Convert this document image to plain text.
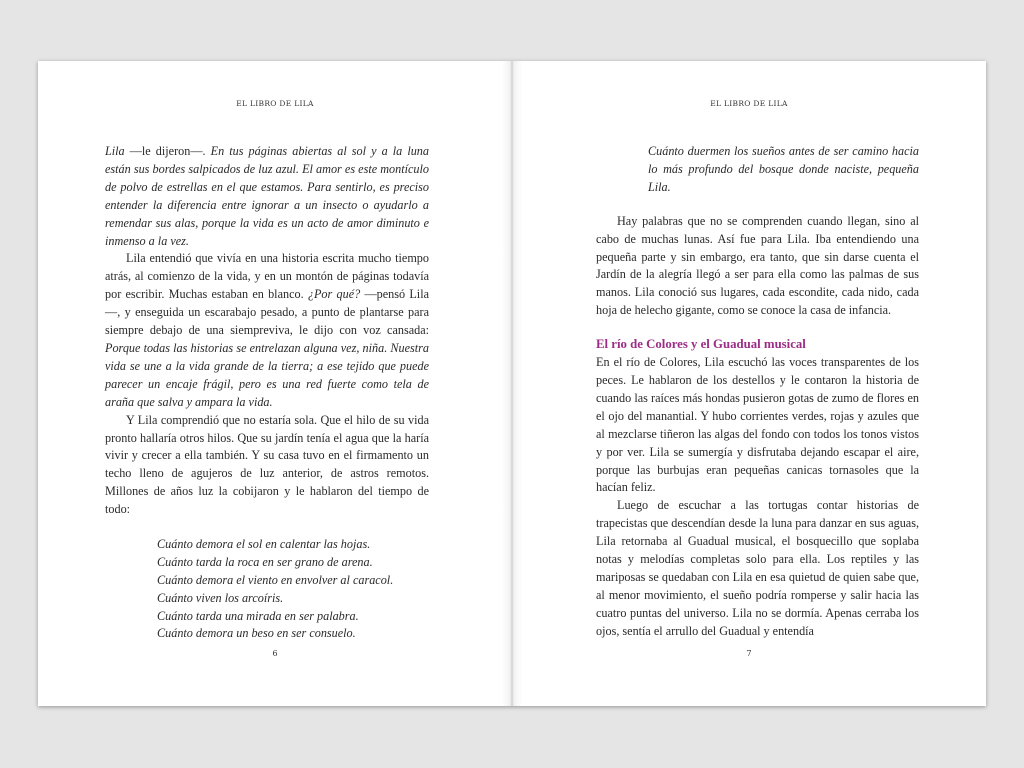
EL LIBRO DE LILA

Lila —le dijeron—. En tus páginas abiertas al sol y a la luna están sus bordes salpicados de luz azul. El amor es este montículo de polvo de estrellas en el que estamos. Para sentirlo, es preciso entender la diferencia entre ignorar a un insecto o ayudarlo a remendar sus alas, porque la vida es un acto de amor diminuto e inmenso a la vez.

Lila entendió que vivía en una historia escrita mucho tiempo atrás, al comienzo de la vida, y en un montón de páginas todavía por escribir. Muchas estaban en blanco. ¿Por qué? —pensó Lila—, y enseguida un escarabajo pesado, a punto de plantarse para siempre debajo de una siempreviva, le dijo con voz cansada: Porque todas las historias se entrelazan alguna vez, niña. Nuestra vida se une a la vida grande de la tierra; a ese tejido que puede parecer un encaje frágil, pero es una red fuerte como tela de araña que salva y ampara la vida.

Y Lila comprendió que no estaría sola. Que el hilo de su vida pronto hallaría otros hilos. Que su jardín tenía el agua que la haría vivir y crecer a ella también. Y su casa tuvo en el firmamento un techo lleno de agujeros de luz anterior, de astros remotos. Millones de años luz la cobijaron y le hablaron del tiempo de todo:

Cuánto demora el sol en calentar las hojas.
Cuánto tarda la roca en ser grano de arena.
Cuánto demora el viento en envolver al caracol.
Cuánto viven los arcoíris.
Cuánto tarda una mirada en ser palabra.
Cuánto demora un beso en ser consuelo.
6
EL LIBRO DE LILA
Cuánto duermen los sueños antes de ser camino hacia lo más profundo del bosque donde naciste, pequeña Lila.

Hay palabras que no se comprenden cuando llegan, sino al cabo de muchas lunas. Así fue para Lila. Iba entendiendo una pequeña parte y sin embargo, era tanto, que sin darse cuenta el Jardín de la alegría llegó a ser para ella como las palmas de sus manos. Lila conoció sus lugares, cada escondite, cada nido, cada hoja de helecho gigante, como se conoce la casa de infancia.

El río de Colores y el Guadual musical

En el río de Colores, Lila escuchó las voces transparentes de los peces. Le hablaron de los destellos y le contaron la historia de cuando las raíces más hondas pusieron gotas de zumo de flores en el ojo del manantial. Y hubo corrientes verdes, rojas y azules que al mezclarse tiñeron las algas del fondo con todos los tonos vistos y por ver. Lila se sumergía y disfrutaba dejando escapar el aire, porque las burbujas eran pequeñas canicas tornasoles que la hacían feliz.

Luego de escuchar a las tortugas contar historias de trapecistas que descendían desde la luna para danzar en sus aguas, Lila retornaba al Guadual musical, el bosquecillo que soplaba notas y melodías completas solo para ella. Los reptiles y las mariposas se quedaban con Lila en esa quietud de quien sabe que, al menor movimiento, el sueño podría romperse y salir hacia las cuatro puntas del universo. Lila no se dormía. Apenas cerraba los ojos, sentía el arrullo del Guadual y entendía

7
